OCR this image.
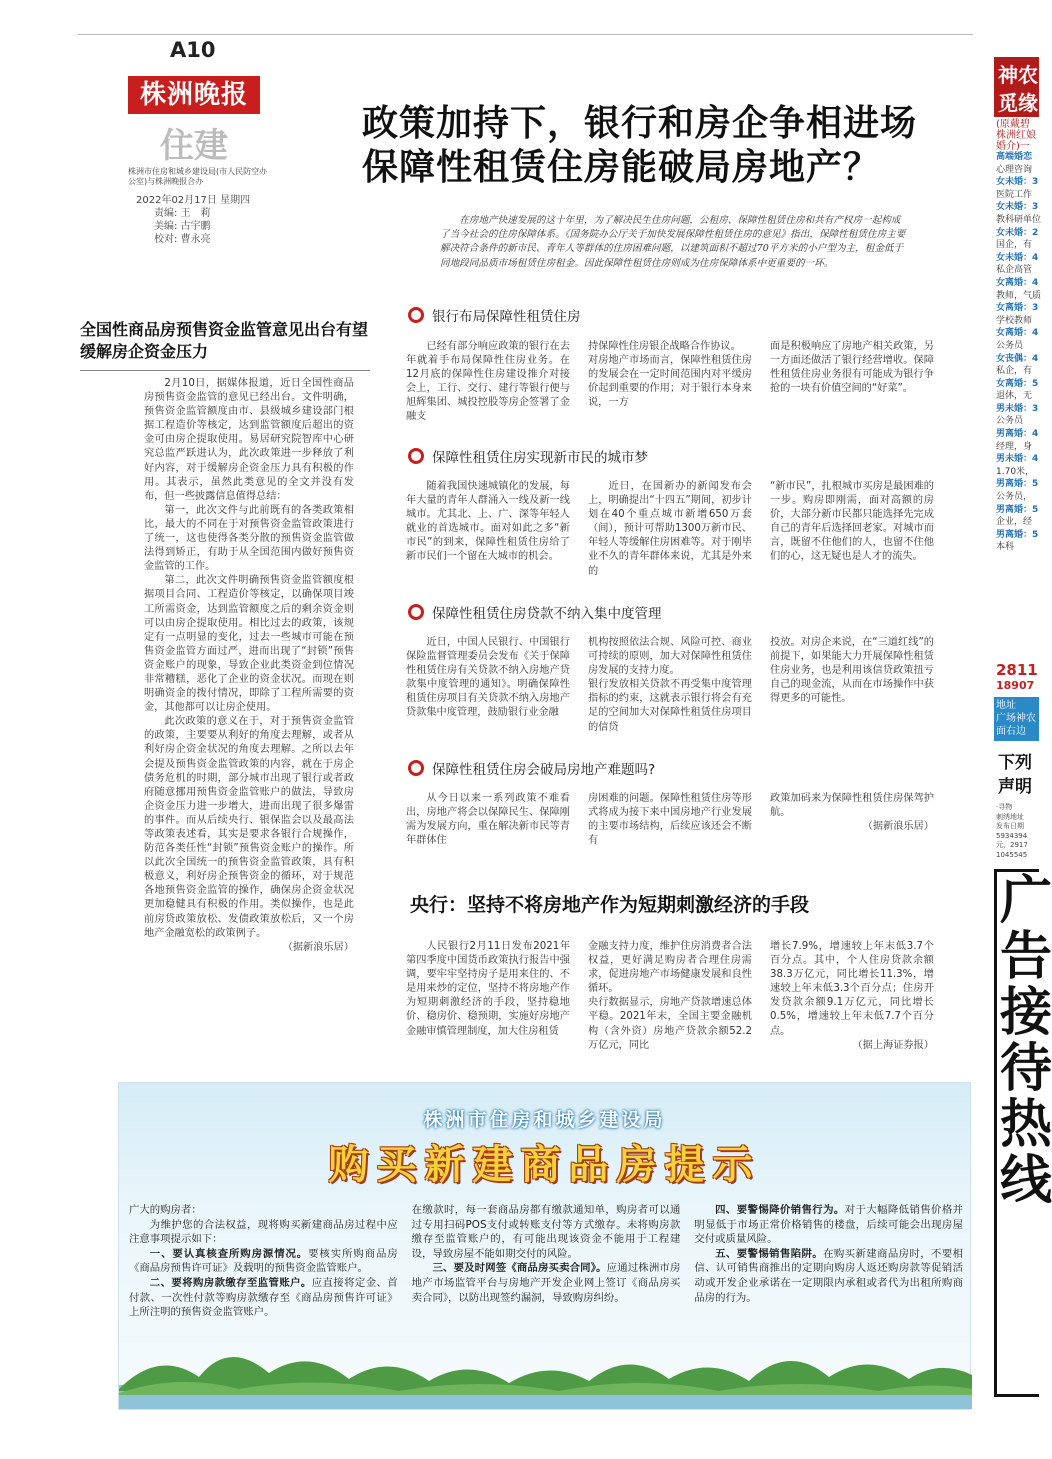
A10
株洲晚报
住建
株洲市住房和城乡建设局(市人民防空办公室)与株洲晚报合办
2022年02月17日 星期四
责编: 王　莉
美编: 古宇鹏
校对: 曹永亮
政策加持下，银行和房企争相进场
保障性租赁住房能破局房地产？
全国性商品房预售资金监管意见出台有望缓解房企资金压力

2月10日，据媒体报道，近日全国性商品房预售资金监管的意见已经出台。文件明确，预售资金监管额度由市、县级城乡建设部门根据工程造价等核定，达到监管额度后超出的资金可由房企提取使用。易居研究院智库中心研究总监严跃进认为，此次政策进一步释放了利好内容，对于缓解房企资金压力具有积极的作用。其表示，虽然此类意见的全文并没有发布，但一些披露信息值得总结：

第一，此次文件与此前既有的各类政策相比，最大的不同在于对预售资金监管政策进行了统一，这也使得各类分散的预售资金监管做法得到矫正，有助于从全国范围内做好预售资金监管的工作。

第二，此次文件明确预售资金监管额度根据项目合同、工程造价等核定，以确保项目竣工所需资金，达到监管额度之后的剩余资金则可以由房企提取使用。相比过去的政策，该规定有一点明显的变化，过去一些城市可能在预售资金监管方面过严，进而出现了“封锁”预售资金账户的现象，导致企业此类资金到位情况非常糟糕，恶化了企业的资金状况。而现在则明确资金的拨付情况，即除了工程所需要的资金，其他都可以让房企使用。

此次政策的意义在于，对于预售资金监管的政策，主要要从利好的角度去理解，或者从利好房企资金状况的角度去理解。之所以去年会提及预售资金监管政策的内容，就在于房企债务危机的时期，部分城市出现了银行或者政府随意挪用预售资金监管账户的做法，导致房企资金压力进一步增大，进而出现了很多爆雷的事件。而从后续央行、银保监会以及最高法等政策表述看，其实是要求各银行合规操作，防范各类任性“封锁”预售资金账户的操作。所以此次全国统一的预售资金监管政策，具有积极意义，利好房企预售资金的循环，对于规范各地预售资金监管的操作，确保房企资金状况更加稳健具有积极的作用。类似操作，也是此前房贷政策放松、发债政策放松后，又一个房地产金融宽松的政策例子。

（据新浪乐居）

在房地产快速发展的这十年里，为了解决民生住房问题，公租房、保障性租赁住房和共有产权房一起构成了当今社会的住房保障体系。《国务院办公厅关于加快发展保障性租赁住房的意见》指出，保障性租赁住房主要解决符合条件的新市民、青年人等群体的住房困难问题，以建筑面积不超过70平方米的小户型为主，租金低于同地段同品质市场租赁住房租金。因此保障性租赁住房则成为住房保障体系中更重要的一环。
银行布局保障性租赁住房

已经有部分响应政策的银行在去年就着手布局保障性住房业务。在12月底的保障性住房建设推介对接会上，工行、交行、建行等银行便与旭辉集团、城投控股等房企签署了金融支

持保障性住房银企战略合作协议。
对房地产市场而言，保障性租赁住房的发展会在一定时间范围内对平缓房价起到重要的作用；对于银行本身来说，一方

面是积极响应了房地产相关政策，另一方面还做活了银行经营增收。保障性租赁住房业务很有可能成为银行争抢的一块有价值空间的“好菜”。

保障性租赁住房实现新市民的城市梦

随着我国快速城镇化的发展，每年大量的青年人群涌入一线及新一线城市。尤其北、上、广、深等年轻人就业的首选城市。面对如此之多“新市民”的到来，保障性租赁住房给了新市民们一个留在大城市的机会。

近日，在国新办的新闻发布会上，明确提出“十四五”期间，初步计划在40个重点城市新增650万套（间），预计可帮助1300万新市民、年轻人等缓解住房困难等。对于刚毕业不久的青年群体来说，尤其是外来的

“新市民”，扎根城市买房是最困难的一步。购房即刚需，面对高额的房价，大部分新市民都只能选择先完成自己的青年后选择回老家。对城市而言，既留不住他们的人，也留不住他们的心，这无疑也是人才的流失。

保障性租赁住房贷款不纳入集中度管理

近日，中国人民银行、中国银行保险监督管理委员会发布《关于保障性租赁住房有关贷款不纳入房地产贷款集中度管理的通知》。明确保障性租赁住房项目有关贷款不纳入房地产贷款集中度管理，鼓励银行业金融

机构按照依法合规、风险可控、商业可持续的原则，加大对保障性租赁住房发展的支持力度。
银行发放相关贷款不再受集中度管理指标的约束，这就表示银行将会有充足的空间加大对保障性租赁住房项目的信贷

投放。对房企来说，在“三道红线”的前提下，如果能大力开展保障性租赁住房业务，也是利用该信贷政策扭亏自己的现金流，从而在市场操作中获得更多的可能性。

保障性租赁住房会破局房地产难题吗?

从今日以来一系列政策不难看出，房地产将会以保障民生、保障刚需为发展方向，重在解决新市民等青年群体住

房困难的问题。保障性租赁住房等形式将成为接下来中国房地产行业发展的主要市场结构，后续应该还会不断有

政策加码来为保障性租赁住房保驾护航。

（据新浪乐居）

央行：坚持不将房地产作为短期刺激经济的手段

人民银行2月11日发布2021年第四季度中国货币政策执行报告中强调，要牢牢坚持房子是用来住的、不是用来炒的定位，坚持不将房地产作为短期刺激经济的手段，坚持稳地价、稳房价、稳预期，实施好房地产金融审慎管理制度，加大住房租赁

金融支持力度，维护住房消费者合法权益，更好满足购房者合理住房需求，促进房地产市场健康发展和良性循环。
央行数据显示，房地产贷款增速总体平稳。2021年末，全国主要金融机构（含外资）房地产贷款余额52.2万亿元，同比

增长7.9%，增速较上年末低3.7个百分点。其中，个人住房贷款余额38.3万亿元，同比增长11.3%，增速较上年末低3.3个百分点；住房开发贷款余额9.1万亿元，同比增长0.5%，增速较上年末低7.7个百分点。

（据上海证券报）

株洲市住房和城乡建设局
购买新建商品房提示

广大的购房者：

为维护您的合法权益，现将购买新建商品房过程中应注意事项提示如下：

一、要认真核查所购房源情况。要核实所购商品房《商品房预售许可证》及载明的预售资金监管账户。

二、要将购房款缴存至监管账户。应直接将定金、首付款、一次性付款等购房款缴存至《商品房预售许可证》上所注明的预售资金监管账户。

在缴款时，每一套商品房都有缴款通知单，购房者可以通过专用扫码POS支付或转账支付等方式缴存。未将购房款缴存至监管账户的，有可能出现该资金不能用于工程建设，导致房屋不能如期交付的风险。

三、要及时网签《商品房买卖合同》。应通过株洲市房地产市场监管平台与房地产开发企业网上签订《商品房买卖合同》，以防出现签约漏洞，导致购房纠纷。

四、要警惕降价销售行为。对于大幅降低销售价格并明显低于市场正常价格销售的楼盘，后续可能会出现房屋交付或质量风险。

五、要警惕销售陷阱。在购买新建商品房时，不要相信、认可销售商推出的定期向购房人返还购房款等促销活动或开发企业承诺在一定期限内承租或者代为出租所购商品房的行为。

神农
觅缘
(原戴碧
株洲红娘
婚介)一
高端婚恋
心理咨询
女未婚：3
医院工作
女未婚：3
教科研单位
女未婚：2
国企，有
女未婚：4
私企高管
女离婚：4
教师，气质
女离婚：3
学校教师
女离婚：4
公务员
女丧偶：4
私企，有
女离婚：5
退休，无
男未婚：3
公务员
男离婚：4
经理，身
男未婚：4
1.70米，
男离婚：5
公务员，
男离婚：5
企业，经
男离婚：5
本科
2811
18907
地址
广场神农
面右边
下列
声明
·寻物
刺绣地址
发布日期
5934394
元，2917
1045545
广
告
接
待
热
线
